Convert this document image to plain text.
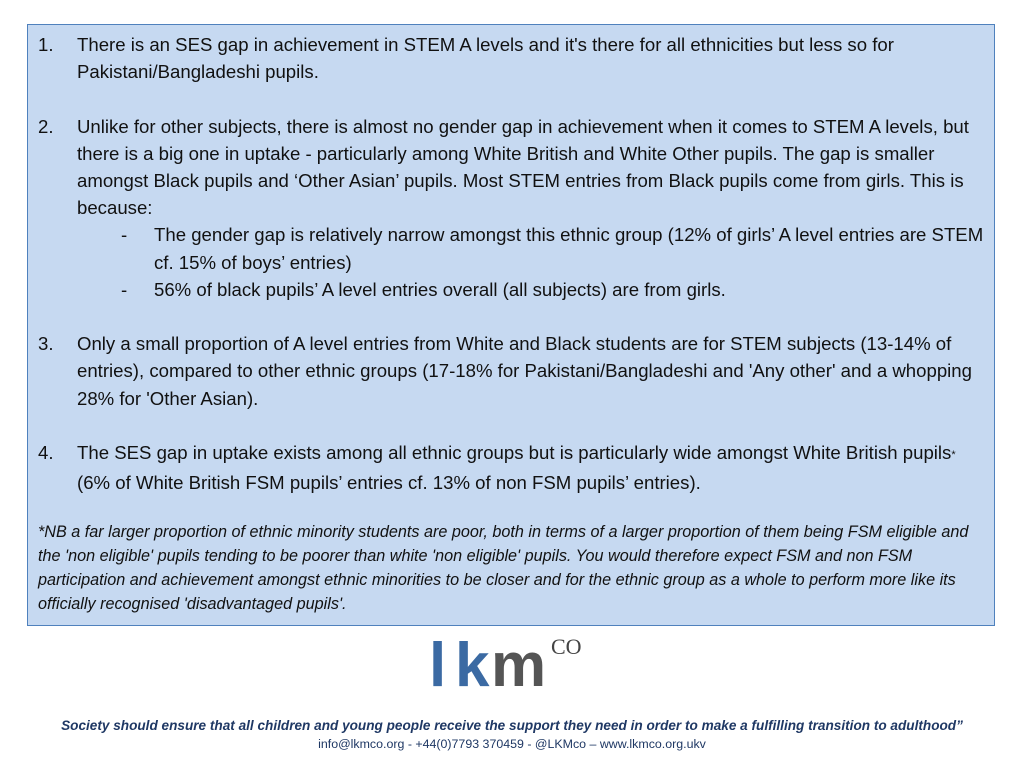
1. There is an SES gap in achievement in STEM A levels and it's there for all ethnicities but less so for Pakistani/Bangladeshi pupils.
2. Unlike for other subjects, there is almost no gender gap in achievement when it comes to STEM A levels, but there is a big one in uptake - particularly among White British and White Other pupils. The gap is smaller amongst Black pupils and ‘Other Asian’ pupils. Most STEM entries from Black pupils come from girls. This is because:
- The gender gap is relatively narrow amongst this ethnic group (12% of girls’ A level entries are STEM cf. 15% of boys’ entries)
- 56% of black pupils’ A level entries overall (all subjects) are from girls.
3. Only a small proportion of A level entries from White and Black students are for STEM subjects (13-14% of entries), compared to other ethnic groups (17-18% for Pakistani/Bangladeshi and 'Any other' and a whopping 28% for 'Other Asian).
4. The SES gap in uptake exists among all ethnic groups but is particularly wide amongst White British pupils* (6% of White British FSM pupils’ entries cf. 13% of non FSM pupils’ entries).
*NB a far larger proportion of ethnic minority students are poor, both in terms of a larger proportion of them being FSM eligible and the 'non eligible' pupils tending to be poorer than white 'non eligible' pupils. You would therefore expect FSM and non FSM participation and achievement amongst ethnic minorities to be closer and for the ethnic group as a whole to perform more like its officially recognised 'disadvantaged pupils'.
l k m CO
Society should ensure that all children and young people receive the support they need in order to make a fulfilling transition to adulthood”
info@lkmco.org - +44(0)7793 370459 - @LKMco – www.lkmco.org.ukv
